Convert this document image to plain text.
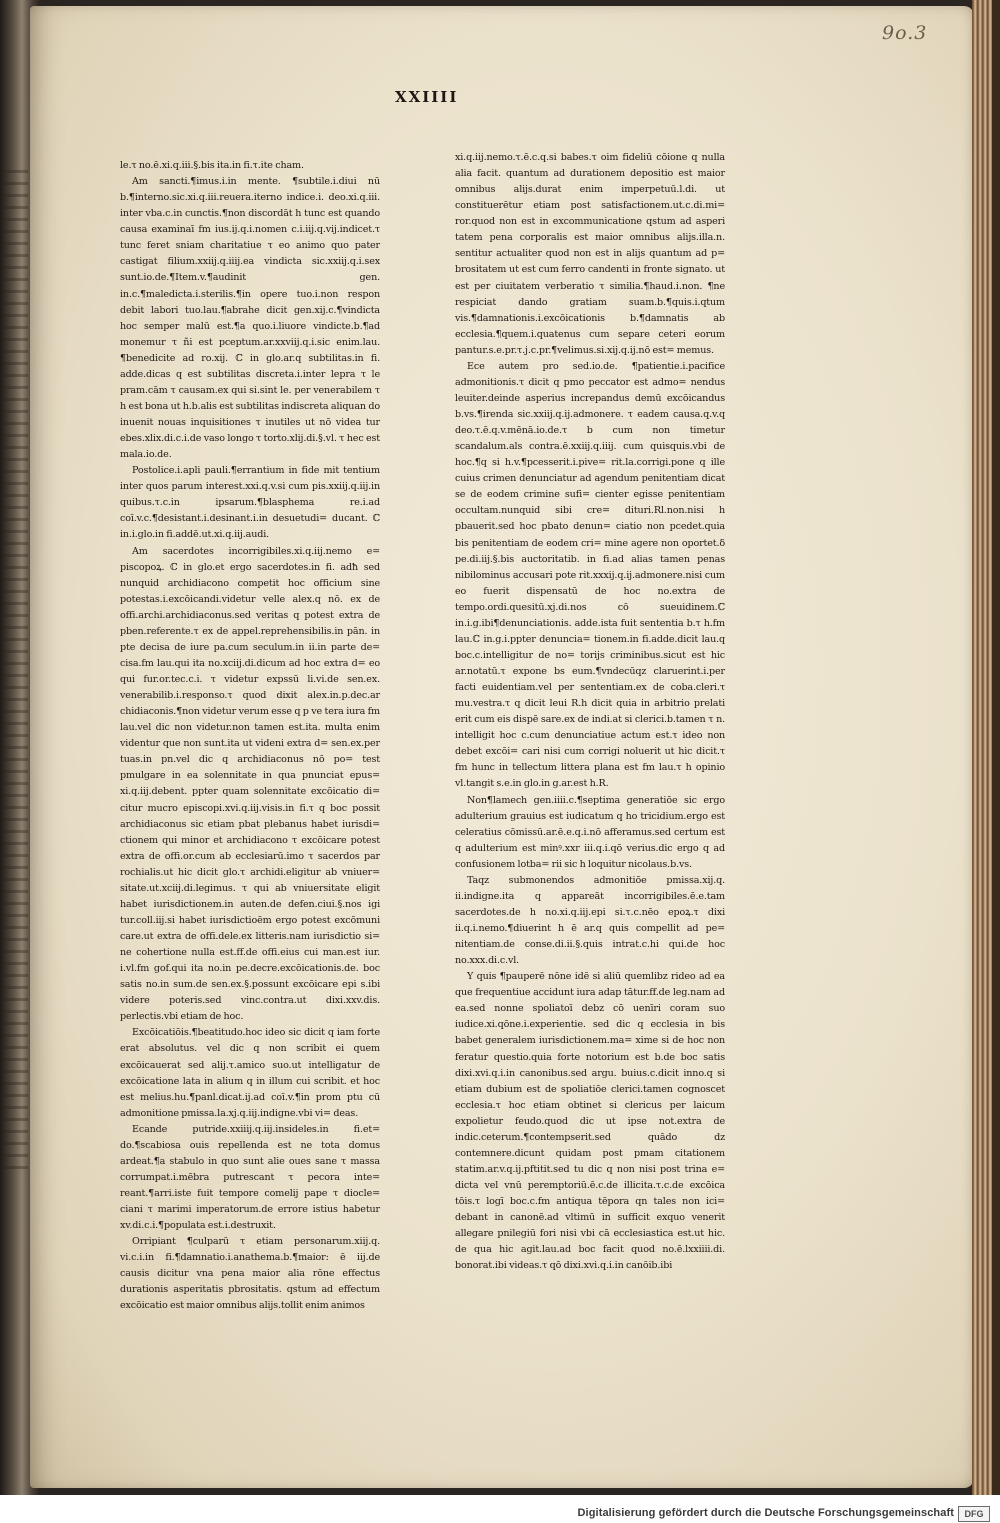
9o.3
XXIIII
le.τ no.ē.xi.q.iii.§.bis ita.in fi.τ.ite cham.
Am sancti.¶imus.i.in mente. ¶subtile.i.diui nū b.¶interno.sic.xi.q.iii.reuera.iterno indice.i. deo.xi.q.iii. inter vba.c.in cunctis.¶non discordāt h tunc est quando causa examinaī fm ius.ij.q.i.nomen c.i.iij.q.vij.indicet.τ tunc feret sniam charitatiue τ eo animo quo pater castigat filium.xxiij.q.iiij.ea vindicta sic.xxiij.q.i.sex sunt.io.de.¶Item.v.¶audinit gen. in.c.¶maledicta.i.sterilis.¶in opere tuo.i.non respon debit labori tuo.lau.¶abrahe dicit gen.xij.c.¶vindicta hoc semper malū est.¶a quo.i.liuore vindicte.b.¶ad monemur τ ñi est pceptum.ar.xxviij.q.i.sic enim.lau. ¶benedicite ad ro.xij. ℂ in glo.ar.q subtilitas.in fi. adde.dicas q est subtilitas discreta.i.inter lepra τ le pram.cām τ causam.ex qui si.sint le. per venerabilem τ h est bona ut h.b.alis est subtilitas indiscreta aliquan do inuenit nouas inquisitiones τ inutiles ut nō videa tur ebes.xlix.di.c.i.de vaso longo τ torto.xlij.di.§.vl. τ hec est mala.io.de.
Postolice.i.apli pauli.¶errantium in fide mit tentium inter quos parum interest.xxi.q.v.si cum pis.xxiij.q.iij.in quibus.τ.c.in ipsarum.¶blasphema re.i.ad coī.v.c.¶desistant.i.desinant.i.in desuetudi= ducant. ℂ in.i.glo.in fi.addē.ut.xi.q.iij.audi.
Am sacerdotes incorrigibiles.xi.q.iij.nemo e= piscopoꝝ. ℂ in glo.et ergo sacerdotes.in fi. adħ sed nunquid archidiacono competit hoc officium sine potestas.i.excōicandi.videtur velle alex.q nō. ex de offi.archi.archidiaconus.sed veritas q potest extra de pben.referente.τ ex de appel.reprehensibilis.in pān. in pte decisa de iure pa.cum seculum.in ii.in parte de= cisa.fm lau.qui ita no.xciij.di.dicum ad hoc extra d= eo qui fur.or.tec.c.i. τ videtur expssū li.vi.de sen.ex. venerabilib.i.responso.τ quod dixit alex.in.p.dec.ar chidiaconis.¶non videtur verum esse q p ve tera iura fm lau.vel dic non videtur.non tamen est.ita. multa enim videntur que non sunt.ita ut videni extra d= sen.ex.per tuas.in pn.vel dic q archidiaconus nō po= test pmulgare in ea solennitate in qua pnunciat epus= xi.q.iij.debent. ppter quam solennitate excōicatio di= citur mucro episcopi.xvi.q.iij.visis.in fi.τ q boc possit archidiaconus sic etiam pbat plebanus habet iurisdi= ctionem qui minor et archidiacono τ excōicare potest extra de offi.or.cum ab ecclesiarū.imo τ sacerdos par rochialis.ut hic dicit glo.τ archidi.eligitur ab vniuer= sitate.ut.xciij.di.legimus. τ qui ab vniuersitate eligit habet iurisdictionem.in auten.de defen.ciui.§.nos igi tur.coll.iij.si habet iurisdictioēm ergo potest excōmuni care.ut extra de offi.dele.ex litteris.nam iurisdictio si= ne cohertione nulla est.ff.de offi.eius cui man.est iur. i.vl.fm gof.qui ita no.in pe.decre.excōicationis.de. boc satis no.in sum.de sen.ex.§.possunt excōicare epi s.ibi videre poteris.sed vinc.contra.ut dixi.xxv.dis. perlectis.vbi etiam de hoc.
Excōicatiōis.¶beatitudo.hoc ideo sic dicit q iam forte erat absolutus. vel dic q non scribit ei quem excōicauerat sed alij.τ.amico suo.ut intelligatur de excōicatione lata in alium q in illum cui scribit. et hoc est melius.hu.¶panl.dicat.ij.ad coī.v.¶in prom ptu cū admonitione pmissa.la.xj.q.iij.indigne.vbi vi= deas.
Ecande putride.xxiiij.q.iij.insideles.in fi.et= do.¶scabiosa ouis repellenda est ne tota domus ardeat.¶a stabulo in quo sunt alie oues sane τ massa corrumpat.i.mēbra putrescant τ pecora inte= reant.¶arri.iste fuit tempore comelij pape τ diocle= ciani τ marimi imperatorum.de errore istius habetur xv.di.c.i.¶populata est.i.destruxit.
Orripiant ¶culparū τ etiam personarum.xiij.q. vi.c.i.in fi.¶damnatio.i.anathema.b.¶maior: ē iij.de causis dicitur vna pena maior alia rōne effectus durationis asperitatis pbrositatis. qstum ad effectum excōicatio est maior omnibus alijs.tollit enim animos
xi.q.iij.nemo.τ.ē.c.q.si babes.τ oim fideliū cōione q nulla alia facit. quantum ad durationem depositio est maior omnibus alijs.durat enim imperpetuū.l.di. ut constituerētur etiam post satisfactionem.ut.c.di.mi= ror.quod non est in excommunicatione qstum ad asperi tatem pena corporalis est maior omnibus alijs.illa.n. sentitur actualiter quod non est in alijs quantum ad p= brositatem ut est cum ferro candenti in fronte signato. ut est per ciuitatem verberatio τ similia.¶haud.i.non. ¶ne respiciat dando gratiam suam.b.¶quis.i.qtum vis.¶damnationis.i.excōicationis b.¶damnatis ab ecclesia.¶quem.i.quatenus cum separe ceteri eorum pantur.s.e.pr.τ.j.c.pr.¶velimus.si.xij.q.ij.nō est= memus.
Ece autem pro sed.io.de. ¶patientie.i.pacifice admonitionis.τ dicit q pmo peccator est admo= nendus leuiter.deinde asperius increpandus demū excōicandus b.vs.¶irenda sic.xxiij.q.ij.admonere. τ eadem causa.q.v.q deo.τ.ē.q.v.mēnā.io.de.τ b cum non timetur scandalum.als contra.ē.xxiij.q.iiij. cum quisquis.vbi de hoc.¶q si h.v.¶pcesserit.i.pive= rit.la.corrigi.pone q ille cuius crimen denunciatur ad agendum penitentiam dicat se de eodem crimine sufi= cienter egisse penitentiam occultam.nunquid sibi cre= dituri.Rl.non.nisi h pbauerit.sed hoc pbato denun= ciatio non pcedet.quia bis penitentiam de eodem cri= mine agere non oportet.δ pe.di.iij.§.bis auctoritatib. in fi.ad alias tamen penas nibilominus accusari pote rit.xxxij.q.ij.admonere.nisi cum eo fuerit dispensatū de hoc no.extra de tempo.ordi.quesitū.xj.di.nos cō sueuidinem.ℂ in.i.g.ibi¶denunciationis. adde.ista fuit sententia b.τ h.fm lau.ℂ in.g.i.ppter denuncia= tionem.in fi.adde.dicit lau.q boc.c.intelligitur de no= torijs criminibus.sicut est hic ar.notatū.τ expone bs eum.¶vndecūqz claruerint.i.per facti euidentiam.vel per sententiam.ex de coba.cleri.τ mu.vestra.τ q dicit leui R.h dicit quia in arbitrio prelati erit cum eis dispē sare.ex de indi.at si clerici.b.tamen τ n. intelligit hoc c.cum denunciatiue actum est.τ ideo non debet excōi= cari nisi cum corrigi noluerit ut hic dicit.τ fm hunc in tellectum littera plana est fm lau.τ h opinio vl.tangit s.e.in glo.in g.ar.est h.R.
Non¶lamech gen.iiii.c.¶septima generatiōe sic ergo adulterium grauius est iudicatum q ho tricidium.ergo est celeratius cōmissū.ar.ē.e.q.i.nō afferamus.sed certum est q adulterium est minꝰ.xxr iii.q.i.qō verius.dic ergo q ad confusionem lotba= rii sic h loquitur nicolaus.b.vs.
Taqz submonendos admonitiōe pmissa.xij.q. ii.indigne.ita q appareāt incorrigibiles.ē.e.tam sacerdotes.de h no.xi.q.iij.epi si.τ.c.nēo epoꝝ.τ dixi ii.q.i.nemo.¶diuerint h ē ar.q quis compellit ad pe= nitentiam.de conse.di.ii.§.quis intrat.c.hi qui.de hoc no.xxx.di.c.vl.
Y quis ¶pauperē nōne idē si aliū quemlibz rideo ad ea que frequentiue accidunt iura adap tātur.ff.de leg.nam ad ea.sed nonne spoliatoī debz cō uenīri coram suo iudice.xi.qōne.i.experientie. sed dic q ecclesia in bis babet generalem iurisdictionem.ma= xime si de hoc non feratur questio.quia forte notorium est b.de boc satis dixi.xvi.q.i.in canonibus.sed argu. buius.c.dicit inno.q si etiam dubium est de spoliatiōe clerici.tamen cognoscet ecclesia.τ hoc etiam obtinet si clericus per laicum expolietur feudo.quod dic ut ipse not.extra de indic.ceterum.¶contempserit.sed quādo dz contemnere.dicunt quidam post pmam citationem statim.ar.v.q.ij.pftitit.sed tu dic q non nisi post trina e= dicta vel vnū peremptoriū.ē.c.de illicita.τ.c.de excōica tōis.τ logī boc.c.fm antiqua tēpora qn tales non ici= debant in canonē.ad vltimū in sufficit exquo venerit allegare pnilegiū fori nisi vbi cā ecclesiastica est.ut hic. de qua hic agit.lau.ad boc facit quod no.ē.lxxiiii.di. bonorat.ibi videas.τ qō dixi.xvi.q.i.in canōib.ibi
Digitalisierung gefördert durch die Deutsche Forschungsgemeinschaft	DFG
